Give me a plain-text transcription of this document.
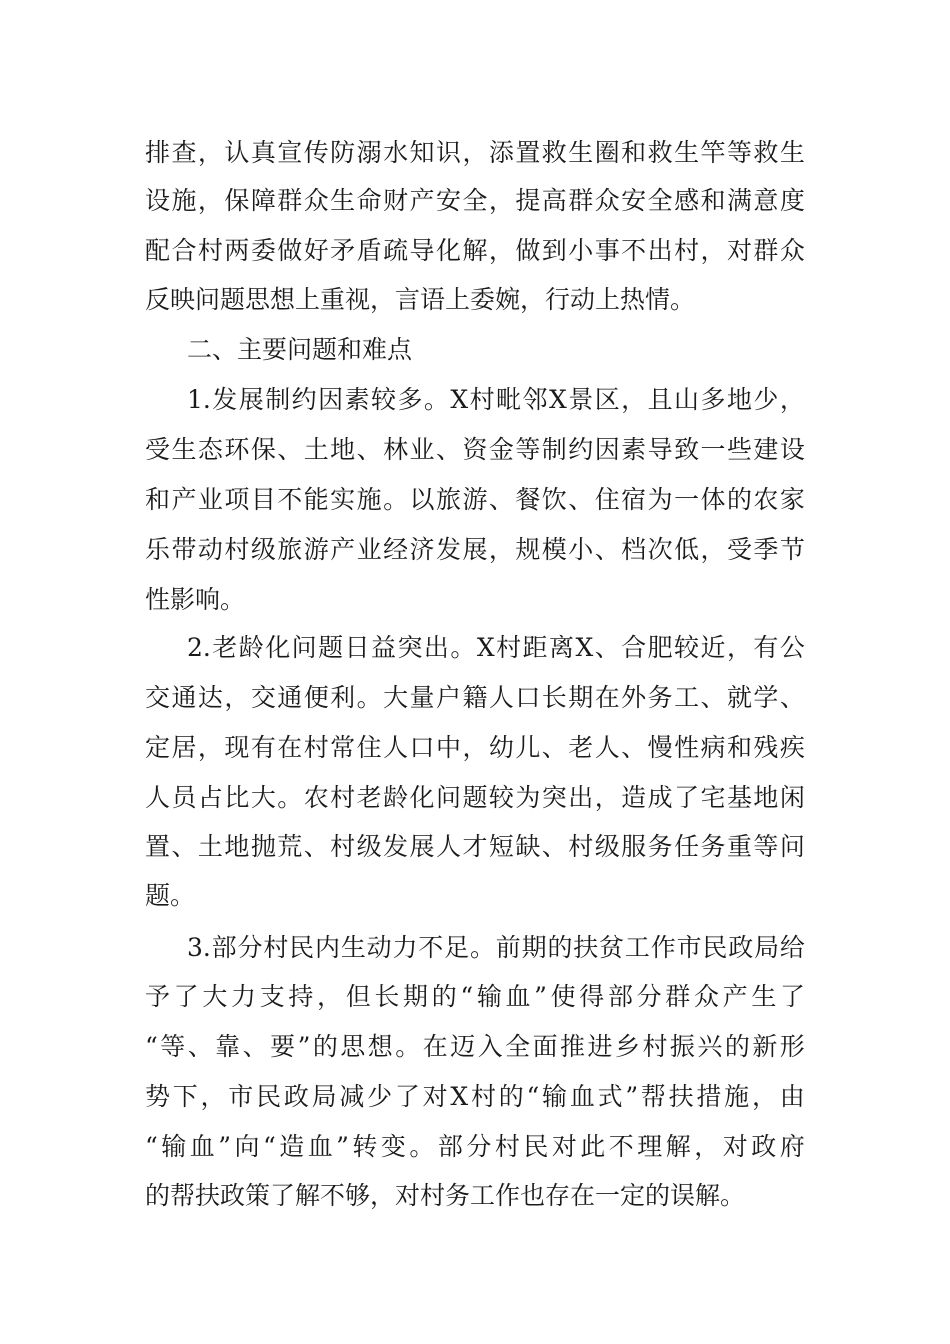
排 查 ， 认 真 宣 传 防 溺 水 知 识 ， 添 置 救 生 圈 和 救 生 竿 等 救 生
设 施 ， 保 障 群 众 生 命 财 产 安 全 ， 提 高 群 众 安 全 感 和 满 意 度
配 合 村 两 委 做 好 矛 盾 疏 导 化 解 ， 做 到 小 事 不 出 村 ， 对 群 众
反映问题思想上重视，言语上委婉，行动上热情。
二、主要问题和难点
1. 发 展 制 约 因 素 较 多 。 X 村 毗 邻 X 景 区 ， 且 山 多 地 少 ，
受 生 态 环 保 、 土 地 、 林 业 、 资 金 等 制 约 因 素 导 致 一 些 建 设
和 产 业 项 目 不 能 实 施 。 以 旅 游 、 餐 饮 、 住 宿 为 一 体 的 农 家
乐 带 动 村 级 旅 游 产 业 经 济 发 展 ， 规 模 小 、 档 次 低 ， 受 季 节
性影响。
2. 老 龄 化 问 题 日 益 突 出 。 X 村 距 离 X 、 合 肥 较 近 ， 有 公
交 通 达 ， 交 通 便 利 。 大 量 户 籍 人 口 长 期 在 外 务 工 、 就 学 、
定 居 ， 现 有 在 村 常 住 人 口 中 ， 幼 儿 、 老 人 、 慢 性 病 和 残 疾
人 员 占 比 大 。 农 村 老 龄 化 问 题 较 为 突 出 ， 造 成 了 宅 基 地 闲
置 、 土 地 抛 荒 、 村 级 发 展 人 才 短 缺 、 村 级 服 务 任 务 重 等 问
题。
3. 部 分 村 民 内 生 动 力 不 足 。 前 期 的 扶 贫 工 作 市 民 政 局 给
予 了 大 力 支 持 ， 但 长 期 的 “ 输 血 ” 使 得 部 分 群 众 产 生 了
“ 等 、 靠 、 要 ” 的 思 想 。 在 迈 入 全 面 推 进 乡 村 振 兴 的 新 形
势 下 ， 市 民 政 局 减 少 了 对 X 村 的 “ 输 血 式 ” 帮 扶 措 施 ， 由
“ 输 血 ” 向 “ 造 血 ” 转 变 。 部 分 村 民 对 此 不 理 解 ， 对 政 府
的帮扶政策了解不够，对村务工作也存在一定的误解。
